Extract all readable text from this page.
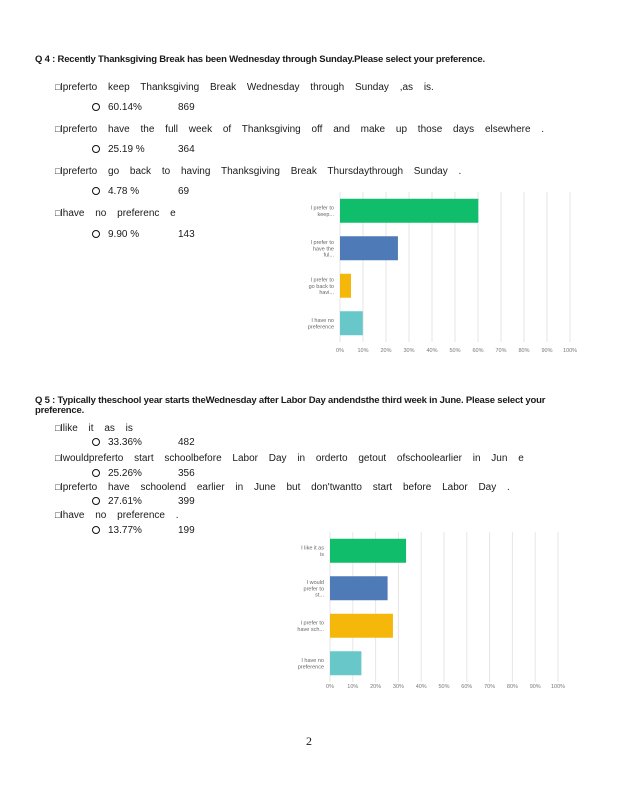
Q 4 : Recently Thanksgiving Break has been Wednesday through Sunday.Please select your preference.
□ Ipreferto keep Thanksgiving Break Wednesday through Sunday ,as is.
60.14%	869
□ Ipreferto have the full week of Thanksgiving off and make up those days elsewhere .
25.19 %	364
□ Ipreferto go back to having Thanksgiving Break Thursdaythrough Sunday .
4.78 %	69
□ Ihave no preferenc e
9.90 %	143
0% 10% 20% 30% 40% 50% 60% 70% 80% 90% 100%
I prefer to keep...
I prefer to have the ful...
I prefer to go back to havi...
I have no preference
Q 5 : Typically theschool year starts theWednesday after Labor Day andendsthe third week in June. Please select your preference.
□ Ilike it as is
33.36%	482
□ Iwouldpreferto start schoolbefore Labor Day in orderto getout ofschoolearlier in Jun e
25.26%	356
□ Ipreferto have schoolend earlier in June but don'twantto start before Labor Day .
27.61%	399
□ Ihave no preference .
13.77%	199
0% 10% 20% 30% 40% 50% 60% 70% 80% 90% 100%
I like it as is
I would prefer to st...
I prefer to have sch...
I have no preference
2
